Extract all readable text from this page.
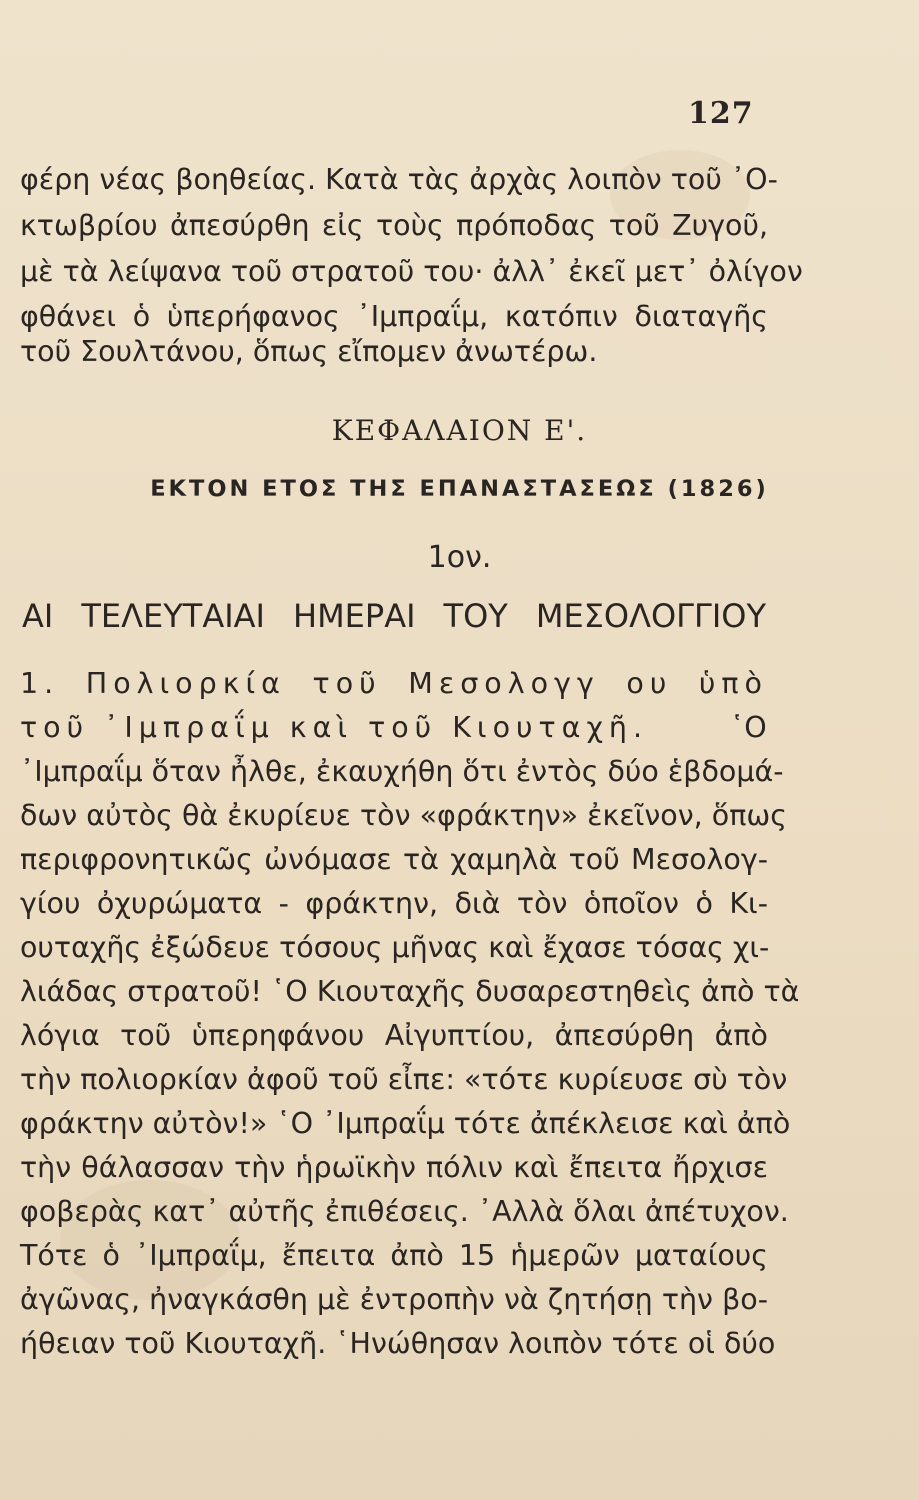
127
φέρη νέας βοηθείας. Κατὰ τὰς ἀρχὰς λοιπὸν τοῦ ᾿Ο-
κτωβρίου ἀπεσύρθη εἰς τοὺς πρόποδας τοῦ Ζυγοῦ,
μὲ τὰ λείψανα τοῦ στρατοῦ του· ἀλλ᾿ ἐκεῖ μετ᾿ ὀλίγον
φθάνει ὁ ὑπερήφανος ᾿Ιμπραΐμ, κατόπιν διαταγῆς
τοῦ Σουλτάνου, ὅπως εἴπομεν ἀνωτέρω.
ΚΕΦΑΛΑΙΟΝ Ε'.
ΕΚΤΟΝ ΕΤΟΣ ΤΗΣ ΕΠΑΝΑΣΤΑΣΕΩΣ (1826)
1ον.
ΑΙ ΤΕΛΕΥΤΑΙΑΙ ΗΜΕΡΑΙ ΤΟΥ ΜΕΣΟΛΟΓΓΙΟΥ
1. Πολιορκία τοῦ Μεσολογγ ου ὑπὸ
τοῦ ᾿Ιμπραΐμ καὶ τοῦ Κιουταχῆ.	῾Ο
᾿Ιμπραΐμ ὅταν ἦλθε, ἐκαυχήθη ὅτι ἐντὸς δύο ἑβδομά-
δων αὐτὸς θὰ ἐκυρίευε τὸν «φράκτην» ἐκεῖνον, ὅπως
περιφρονητικῶς ὠνόμασε τὰ χαμηλὰ τοῦ Μεσολογ-
γίου ὀχυρώματα - φράκτην, διὰ τὸν ὁποῖον ὁ Κι-
ουταχῆς ἐξώδευε τόσους μῆνας καὶ ἔχασε τόσας χι-
λιάδας στρατοῦ! ῾Ο Κιουταχῆς δυσαρεστηθεὶς ἀπὸ τὰ
λόγια τοῦ ὑπερηφάνου Αἰγυπτίου, ἀπεσύρθη ἀπὸ
τὴν πολιορκίαν ἀφοῦ τοῦ εἶπε: «τότε κυρίευσε σὺ τὸν
φράκτην αὐτὸν!» ῾Ο ᾿Ιμπραΐμ τότε ἀπέκλεισε καὶ ἀπὸ
τὴν θάλασσαν τὴν ἡρωϊκὴν πόλιν καὶ ἔπειτα ἤρχισε
φοβερὰς κατ᾿ αὐτῆς ἐπιθέσεις. ᾿Αλλὰ ὅλαι ἀπέτυχον.
Τότε ὁ ᾿Ιμπραΐμ, ἔπειτα ἀπὸ 15 ἡμερῶν ματαίους
ἀγῶνας, ἠναγκάσθη μὲ ἐντροπὴν νὰ ζητήσῃ τὴν βο-
ήθειαν τοῦ Κιουταχῆ. ῾Ηνώθησαν λοιπὸν τότε οἱ δύο
